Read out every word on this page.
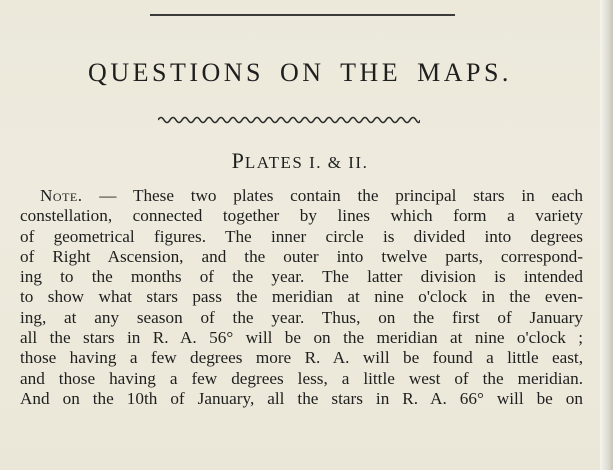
QUESTIONS ON THE MAPS.
PLATES I. & II.
Note. — These two plates contain the principal stars in each
constellation, connected together by lines which form a variety
of geometrical figures. The inner circle is divided into degrees
of Right Ascension, and the outer into twelve parts, correspond-
ing to the months of the year. The latter division is intended
to show what stars pass the meridian at nine o'clock in the even-
ing, at any season of the year. Thus, on the first of January
all the stars in R. A. 56° will be on the meridian at nine o'clock ;
those having a few degrees more R. A. will be found a little east,
and those having a few degrees less, a little west of the meridian.
And on the 10th of January, all the stars in R. A. 66° will be on
